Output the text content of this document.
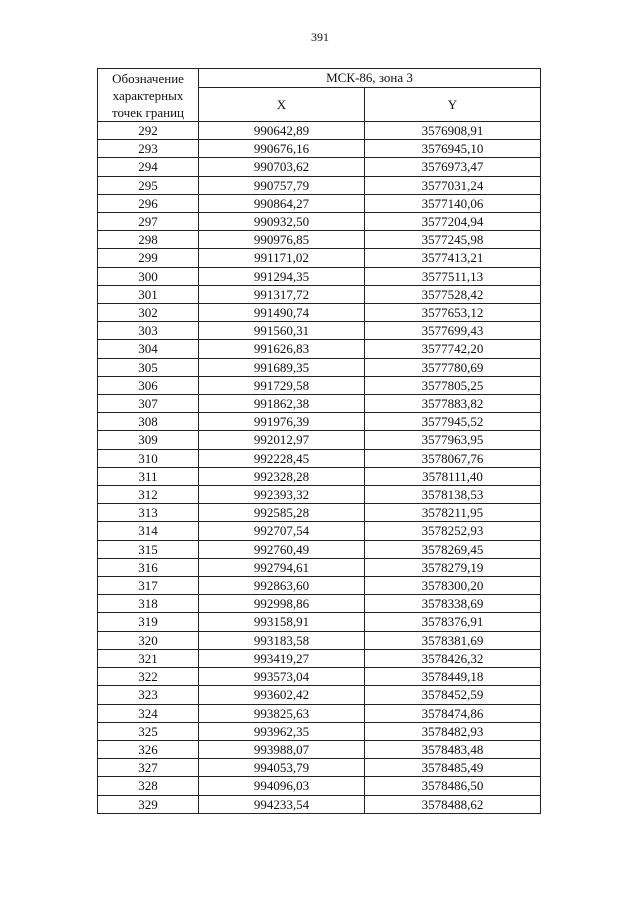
391
Обозначение характерных точек границ	МСК-86, зона 3	
	X	Y
292	990642,89	3576908,91
293	990676,16	3576945,10
294	990703,62	3576973,47
295	990757,79	3577031,24
296	990864,27	3577140,06
297	990932,50	3577204,94
298	990976,85	3577245,98
299	991171,02	3577413,21
300	991294,35	3577511,13
301	991317,72	3577528,42
302	991490,74	3577653,12
303	991560,31	3577699,43
304	991626,83	3577742,20
305	991689,35	3577780,69
306	991729,58	3577805,25
307	991862,38	3577883,82
308	991976,39	3577945,52
309	992012,97	3577963,95
310	992228,45	3578067,76
311	992328,28	3578111,40
312	992393,32	3578138,53
313	992585,28	3578211,95
314	992707,54	3578252,93
315	992760,49	3578269,45
316	992794,61	3578279,19
317	992863,60	3578300,20
318	992998,86	3578338,69
319	993158,91	3578376,91
320	993183,58	3578381,69
321	993419,27	3578426,32
322	993573,04	3578449,18
323	993602,42	3578452,59
324	993825,63	3578474,86
325	993962,35	3578482,93
326	993988,07	3578483,48
327	994053,79	3578485,49
328	994096,03	3578486,50
329	994233,54	3578488,62
